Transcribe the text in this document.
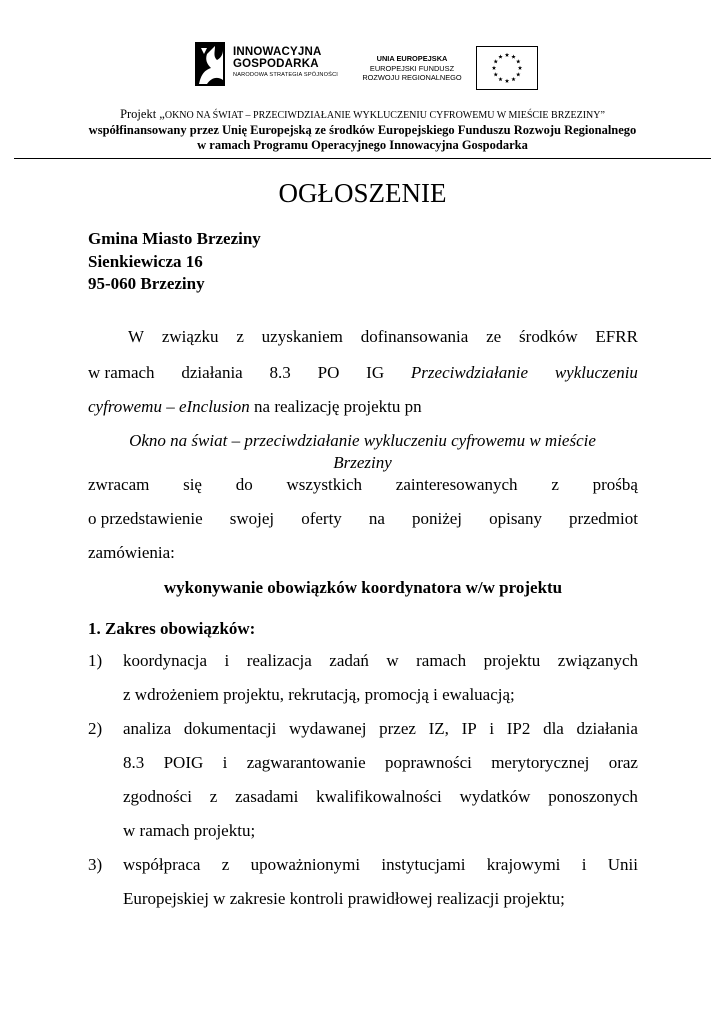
INNOWACYJNA
GOSPODARKA
NARODOWA STRATEGIA SPÓJNOŚCI
UNIA EUROPEJSKA
EUROPEJSKI FUNDUSZ
ROZWOJU REGIONALNEGO
Projekt „OKNO NA ŚWIAT – PRZECIWDZIAŁANIE WYKLUCZENIU CYFROWEMU W MIEŚCIE BRZEZINY”
współfinansowany przez Unię Europejską ze środków Europejskiego Funduszu Rozwoju Regionalnego
w ramach Programu Operacyjnego Innowacyjna Gospodarka
OGŁOSZENIE
Gmina Miasto Brzeziny
Sienkiewicza 16
95-060 Brzeziny
W związku z uzyskaniem dofinansowania ze środków EFRR
w ramach działania 8.3 PO IG Przeciwdziałanie wykluczeniu
cyfrowemu – eInclusion na realizację projektu pn
Okno na świat – przeciwdziałanie wykluczeniu cyfrowemu w mieście
Brzeziny
zwracam się do wszystkich zainteresowanych z prośbą
o przedstawienie swojej oferty na poniżej opisany przedmiot
zamówienia:
wykonywanie obowiązków koordynatora w/w projektu
1. Zakres obowiązków:
1) koordynacja i realizacja zadań w ramach projektu związanych
z wdrożeniem projektu, rekrutacją, promocją i ewaluacją;
2) analiza dokumentacji wydawanej przez IZ, IP i IP2 dla działania
8.3 POIG i zagwarantowanie poprawności merytorycznej oraz
zgodności z zasadami kwalifikowalności wydatków ponoszonych
w ramach projektu;
3) współpraca z upoważnionymi instytucjami krajowymi i Unii
Europejskiej w zakresie kontroli prawidłowej realizacji projektu;
